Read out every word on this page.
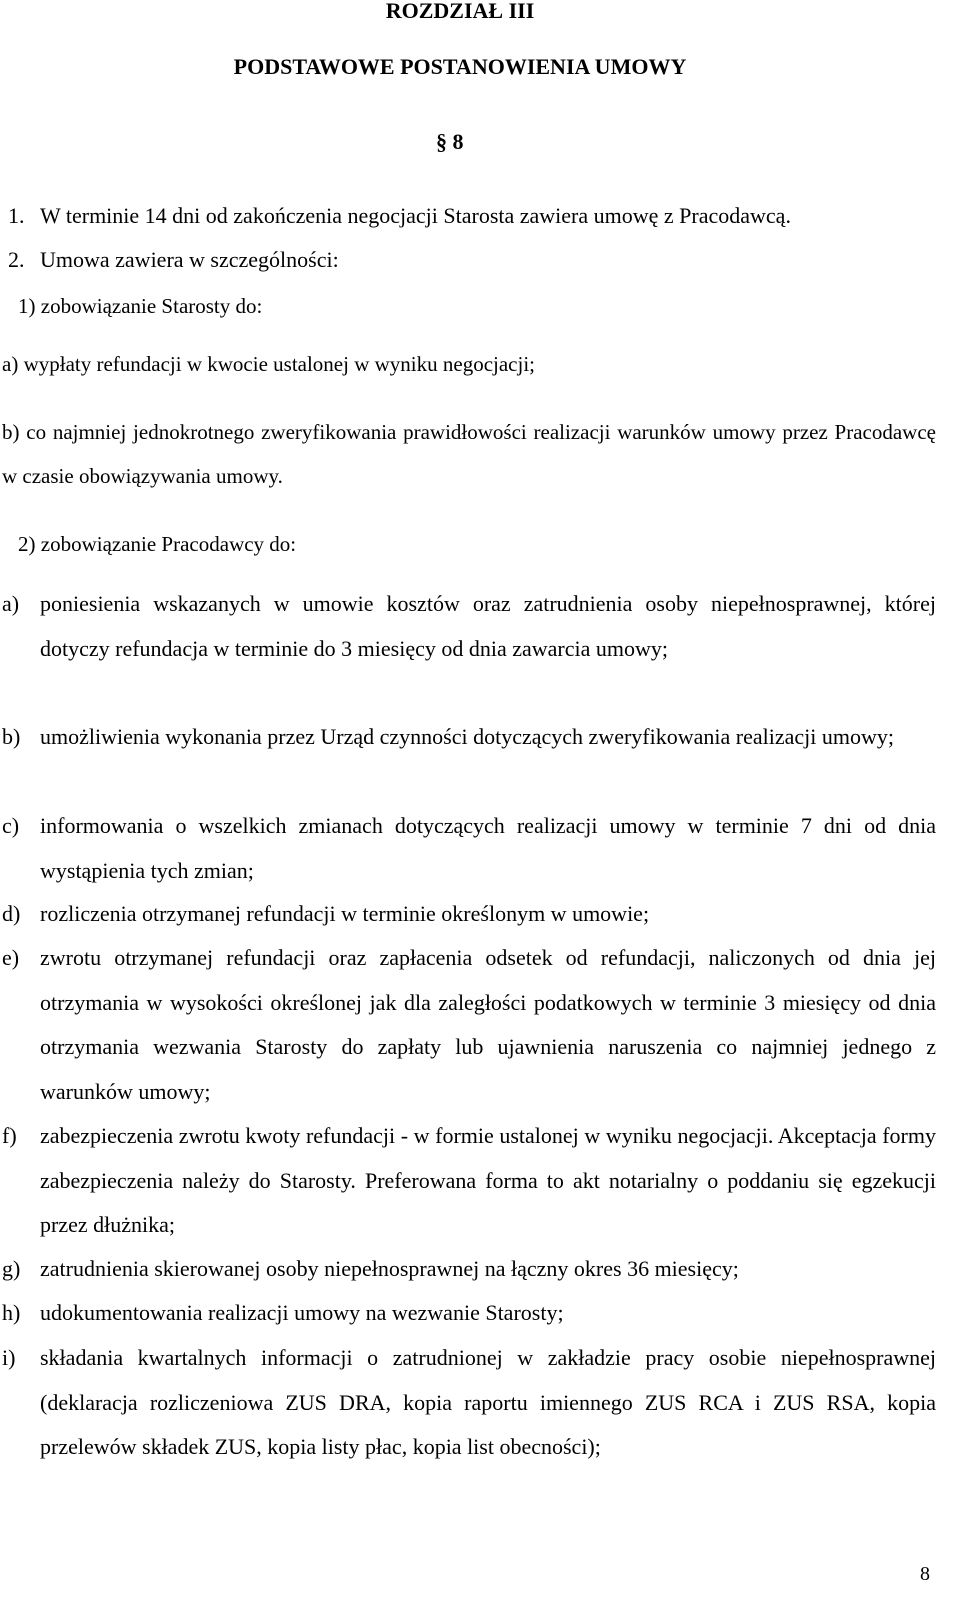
ROZDZIAŁ III
PODSTAWOWE POSTANOWIENIA UMOWY
§ 8
1. W terminie 14 dni od zakończenia negocjacji Starosta zawiera umowę z Pracodawcą.
2. Umowa zawiera w szczególności:
1) zobowiązanie Starosty do:
a) wypłaty refundacji w kwocie ustalonej w wyniku negocjacji;
b) co najmniej jednokrotnego zweryfikowania prawidłowości realizacji warunków umowy przez Pracodawcę w czasie obowiązywania umowy.
2) zobowiązanie Pracodawcy do:
a) poniesienia wskazanych w umowie kosztów oraz zatrudnienia osoby niepełnosprawnej, której dotyczy refundacja w terminie do 3 miesięcy od dnia zawarcia umowy;
b) umożliwienia wykonania przez Urząd czynności dotyczących zweryfikowania realizacji umowy;
c) informowania o wszelkich zmianach dotyczących realizacji umowy w terminie 7 dni od dnia wystąpienia tych zmian;
d) rozliczenia otrzymanej refundacji w terminie określonym w umowie;
e) zwrotu otrzymanej refundacji oraz zapłacenia odsetek od refundacji, naliczonych od dnia jej otrzymania w wysokości określonej jak dla zaległości podatkowych w terminie 3 miesięcy od dnia otrzymania wezwania Starosty do zapłaty lub ujawnienia naruszenia co najmniej jednego z warunków umowy;
f) zabezpieczenia zwrotu kwoty refundacji - w formie ustalonej w wyniku negocjacji. Akceptacja formy zabezpieczenia należy do Starosty. Preferowana forma to akt notarialny o poddaniu się egzekucji przez dłużnika;
g) zatrudnienia skierowanej osoby niepełnosprawnej na łączny okres 36 miesięcy;
h) udokumentowania realizacji umowy na wezwanie Starosty;
i) składania kwartalnych informacji o zatrudnionej w zakładzie pracy osobie niepełnosprawnej (deklaracja rozliczeniowa ZUS DRA, kopia raportu imiennego ZUS RCA i ZUS RSA, kopia przelewów składek ZUS, kopia listy płac, kopia list obecności);
8
